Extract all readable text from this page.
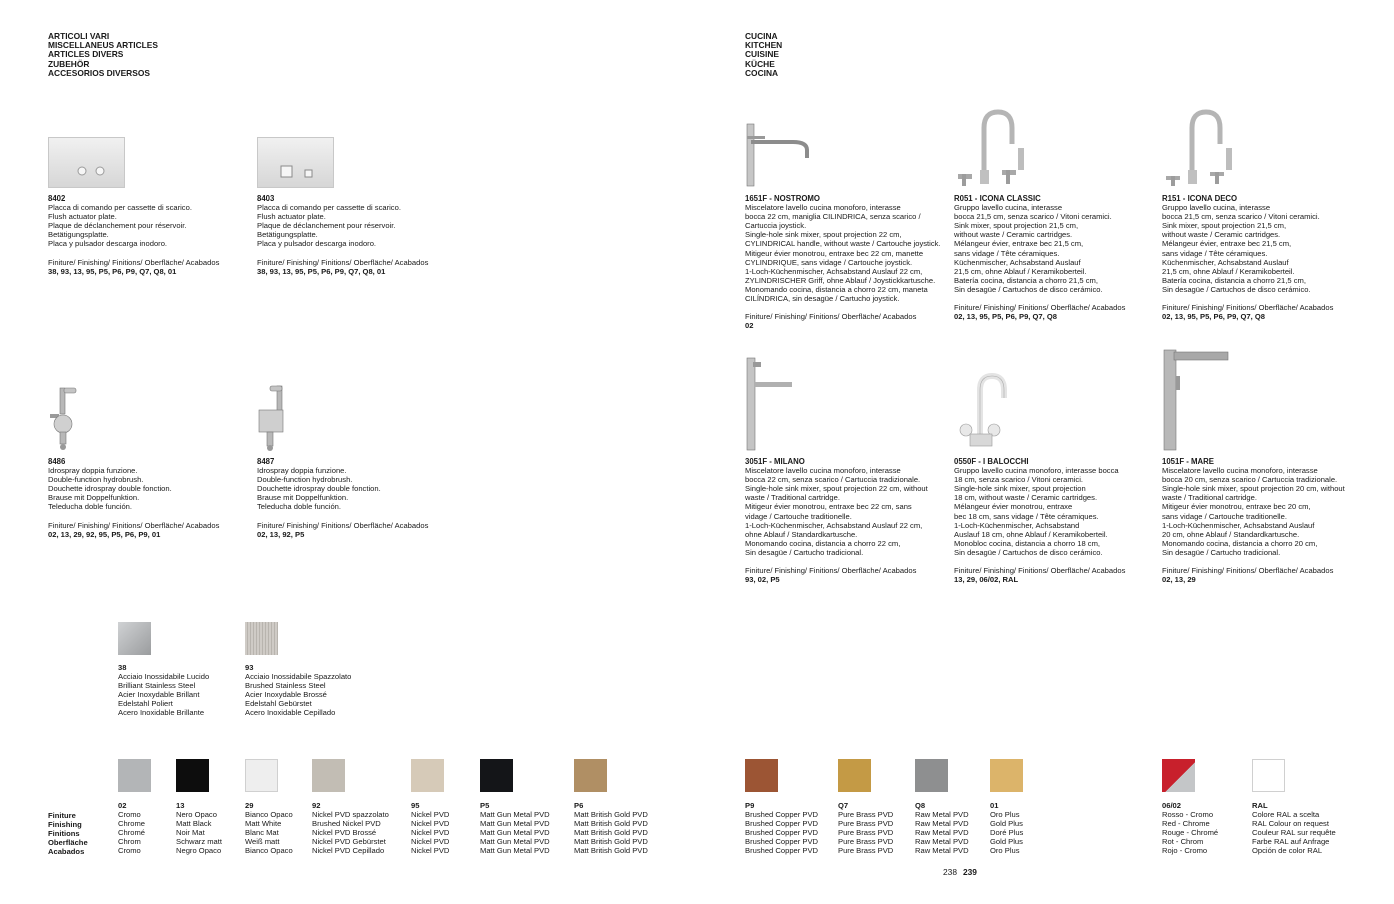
ARTICOLI VARI
MISCELLANEUS ARTICLES
ARTICLES DIVERS
ZUBEHÖR
ACCESORIOS DIVERSOS
CUCINA
KITCHEN
CUISINE
KÜCHE
COCINA
8402
Placca di comando per cassette di scarico.
Flush actuator plate.
Plaque de déclanchement pour réservoir.
Betätigungsplatte.
Placa y pulsador descarga inodoro.
Finiture/ Finishing/ Finitions/ Oberfläche/ Acabados
38, 93, 13, 95, P5, P6, P9, Q7, Q8, 01
8403
Placca di comando per cassette di scarico.
Flush actuator plate.
Plaque de déclanchement pour réservoir.
Betätigungsplatte.
Placa y pulsador descarga inodoro.
Finiture/ Finishing/ Finitions/ Oberfläche/ Acabados
38, 93, 13, 95, P5, P6, P9, Q7, Q8, 01
8486
Idrospray doppia funzione.
Double-function hydrobrush.
Douchette idrospray double fonction.
Brause mit Doppelfunktion.
Teleducha doble función.
Finiture/ Finishing/ Finitions/ Oberfläche/ Acabados
02, 13, 29, 92, 95, P5, P6, P9, 01
8487
Idrospray doppia funzione.
Double-function hydrobrush.
Douchette idrospray double fonction.
Brause mit Doppelfunktion.
Teleducha doble función.
Finiture/ Finishing/ Finitions/ Oberfläche/ Acabados
02, 13, 92, P5
1651F - NOSTROMO
Miscelatore lavello cucina monoforo, interasse
bocca 22 cm, maniglia CILINDRICA, senza scarico /
Cartuccia joystick.
Single-hole sink mixer, spout projection 22 cm,
CYLINDRICAL handle, without waste / Cartouche joystick.
Mitigeur évier monotrou, entraxe bec 22 cm, manette
CYLINDRIQUE, sans vidage / Cartouche joystick.
1-Loch-Küchenmischer, Achsabstand Auslauf 22 cm,
ZYLINDRISCHER Griff, ohne Ablauf / Joystickkartusche.
Monomando cocina, distancia a chorro 22 cm, maneta
CILÍNDRICA, sin desagüe / Cartucho joystick.
Finiture/ Finishing/ Finitions/ Oberfläche/ Acabados
02
R051 - ICONA CLASSIC
Gruppo lavello cucina, interasse
bocca 21,5 cm, senza scarico / Vitoni ceramici.
Sink mixer, spout projection 21,5 cm,
without waste / Ceramic cartridges.
Mélangeur évier, entraxe bec 21,5 cm,
sans vidage / Tête céramiques.
Küchenmischer, Achsabstand Auslauf
21,5 cm, ohne Ablauf / Keramikoberteil.
Batería cocina, distancia a chorro 21,5 cm,
Sin desagüe / Cartuchos de disco cerámico.
Finiture/ Finishing/ Finitions/ Oberfläche/ Acabados
02, 13, 95, P5, P6, P9, Q7, Q8
R151 - ICONA DECO
Gruppo lavello cucina, interasse
bocca 21,5 cm, senza scarico / Vitoni ceramici.
Sink mixer, spout projection 21,5 cm,
without waste / Ceramic cartridges.
Mélangeur évier, entraxe bec 21,5 cm,
sans vidage / Tête céramiques.
Küchenmischer, Achsabstand Auslauf
21,5 cm, ohne Ablauf / Keramikoberteil.
Batería cocina, distancia a chorro 21,5 cm,
Sin desagüe / Cartuchos de disco cerámico.
Finiture/ Finishing/ Finitions/ Oberfläche/ Acabados
02, 13, 95, P5, P6, P9, Q7, Q8
3051F - MILANO
Miscelatore lavello cucina monoforo, interasse
bocca 22 cm, senza scarico / Cartuccia tradizionale.
Single-hole sink mixer, spout projection 22 cm, without
waste / Traditional cartridge.
Mitigeur évier monotrou, entraxe bec 22 cm, sans
vidage / Cartouche traditionelle.
1-Loch-Küchenmischer, Achsabstand Auslauf 22 cm,
ohne Ablauf / Standardkartusche.
Monomando cocina, distancia a chorro 22 cm,
Sin desagüe / Cartucho tradicional.
Finiture/ Finishing/ Finitions/ Oberfläche/ Acabados
93, 02, P5
0550F - I BALOCCHI
Gruppo lavello cucina monoforo, interasse bocca
18 cm, senza scarico / Vitoni ceramici.
Single-hole sink mixer, spout projection
18 cm, without waste / Ceramic cartridges.
Mélangeur évier monotrou, entraxe
bec 18 cm, sans vidage / Tête céramiques.
1-Loch-Küchenmischer, Achsabstand
Auslauf 18 cm, ohne Ablauf / Keramikoberteil.
Monobloc cocina, distancia a chorro 18 cm,
Sin desagüe / Cartuchos de disco cerámico.
Finiture/ Finishing/ Finitions/ Oberfläche/ Acabados
13, 29, 06/02, RAL
1051F - MARE
Miscelatore lavello cucina monoforo, interasse
bocca 20 cm, senza scarico / Cartuccia tradizionale.
Single-hole sink mixer, spout projection 20 cm, without
waste / Traditional cartridge.
Mitigeur évier monotrou, entraxe bec 20 cm,
sans vidage / Cartouche traditionelle.
1-Loch-Küchenmischer, Achsabstand Auslauf
20 cm, ohne Ablauf / Standardkartusche.
Monomando cocina, distancia a chorro 20 cm,
Sin desagüe / Cartucho tradicional.
Finiture/ Finishing/ Finitions/ Oberfläche/ Acabados
02, 13, 29
38
Acciaio Inossidabile Lucido
Brilliant Stainless Steel
Acier Inoxydable Brillant
Edelstahl Poliert
Acero Inoxidable Brillante
93
Acciaio Inossidabile Spazzolato
Brushed Stainless Steel
Acier Inoxydable Brossé
Edelstahl Gebürstet
Acero Inoxidable Cepillado
Finiture
Finishing
Finitions
Oberfläche
Acabados
02
Cromo
Chrome
Chromé
Chrom
Cromo
13
Nero Opaco
Matt Black
Noir Mat
Schwarz matt
Negro Opaco
29
Bianco Opaco
Matt White
Blanc Mat
Weiß matt
Bianco Opaco
92
Nickel PVD spazzolato
Brushed Nickel PVD
Nickel PVD Brossé
Nickel PVD Gebürstet
Nickel PVD Cepillado
95
Nickel PVD
Nickel PVD
Nickel PVD
Nickel PVD
Nickel PVD
P5
Matt Gun Metal PVD
Matt Gun Metal PVD
Matt Gun Metal PVD
Matt Gun Metal PVD
Matt Gun Metal PVD
P6
Matt British Gold PVD
Matt British Gold PVD
Matt British Gold PVD
Matt British Gold PVD
Matt British Gold PVD
P9
Brushed Copper PVD
Brushed Copper PVD
Brushed Copper PVD
Brushed Copper PVD
Brushed Copper PVD
Q7
Pure Brass PVD
Pure Brass PVD
Pure Brass PVD
Pure Brass PVD
Pure Brass PVD
Q8
Raw Metal PVD
Raw Metal PVD
Raw Metal PVD
Raw Metal PVD
Raw Metal PVD
01
Oro Plus
Gold Plus
Doré Plus
Gold Plus
Oro Plus
06/02
Rosso - Cromo
Red - Chrome
Rouge - Chromé
Rot - Chrom
Rojo - Cromo
RAL
Colore RAL a scelta
RAL Colour on request
Couleur RAL sur requête
Farbe RAL auf Anfrage
Opción de color RAL
238 239
